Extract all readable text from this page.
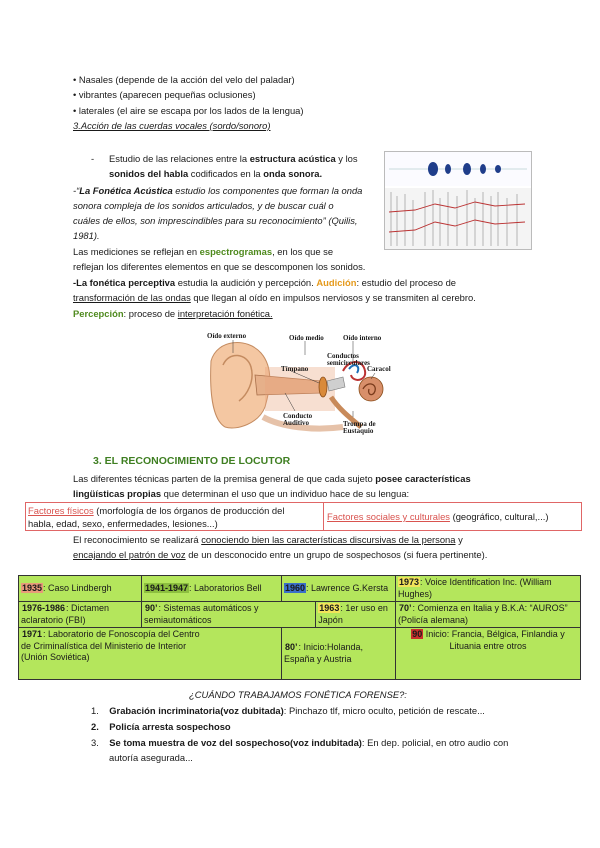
• Nasales (depende de la acción del velo del paladar)
• vibrantes (aparecen pequeñas oclusiones)
• laterales (el aire se escapa por los lados de la lengua)
3.Acción de las cuerdas vocales (sordo/sonoro)
- Estudio de las relaciones entre la estructura acústica y los
sonidos del habla codificados en la onda sonora.
-“La Fonética Acústica estudio los componentes que forman la onda
sonora compleja de los sonidos articulados, y de buscar cuál o
cuáles de ellos, son imprescindibles para su reconocimiento” (Quilis,
1981).
Las mediciones se reflejan en espectrogramas, en los que se
reflejan los diferentes elementos en que se descomponen los sonidos.
-La fonética perceptiva estudia la audición y percepción. Audición: estudio del proceso de
transformación de las ondas que llegan al oído en impulsos nerviosos y se transmiten al cerebro.
Percepción: proceso de interpretación fonética.
Oído externo	Oído medio	Oído interno
Conductos
semicirculares
Tímpano	Caracol
Conducto
Auditivo	Trompa de
Eustaquio
3. EL RECONOCIMIENTO DE LOCUTOR
Las diferentes técnicas parten de la premisa general de que cada sujeto posee características
lingüísticas propias que determinan el uso que un individuo hace de su lengua:
Factores físicos (morfología de los órganos de producción del
habla, edad, sexo, enfermedades, lesiones...)
Factores sociales y culturales (geográfico, cultural,...)
El reconocimiento se realizará conociendo bien las características discursivas de la persona y
encajando el patrón de voz de un desconocido entre un grupo de sospechosos (si fuera pertinente).
1935: Caso Lindbergh	1941-1947: Laboratorios Bell	1960: Lawrence G.Kersta		1973: Voice Identification Inc. (William Hughes)
1976-1986: Dictamen aclaratorio (FBI)	90’: Sistemas automáticos y semiautomáticos		1963: 1er uso en Japón	70’: Comienza en Italia y B.K.A: “AUROS” (Policía alemana)

1971: Laboratorio de Fonoscopía del Centro de Criminalística del Ministerio de Interior (Unión Soviética)		80’: Inicio:Holanda, España y Austria		90 Inicio: Francia, Bélgica, Finlandia y Lituania entre otros
¿CUÁNDO TRABAJAMOS FONÉTICA FORENSE?:
1. Grabación incriminatoria(voz dubitada): Pinchazo tlf, micro oculto, petición de rescate...
2. Policía arresta sospechoso
3. Se toma muestra de voz del sospechoso(voz indubitada): En dep. policial, en otro audio con
autoría asegurada...
